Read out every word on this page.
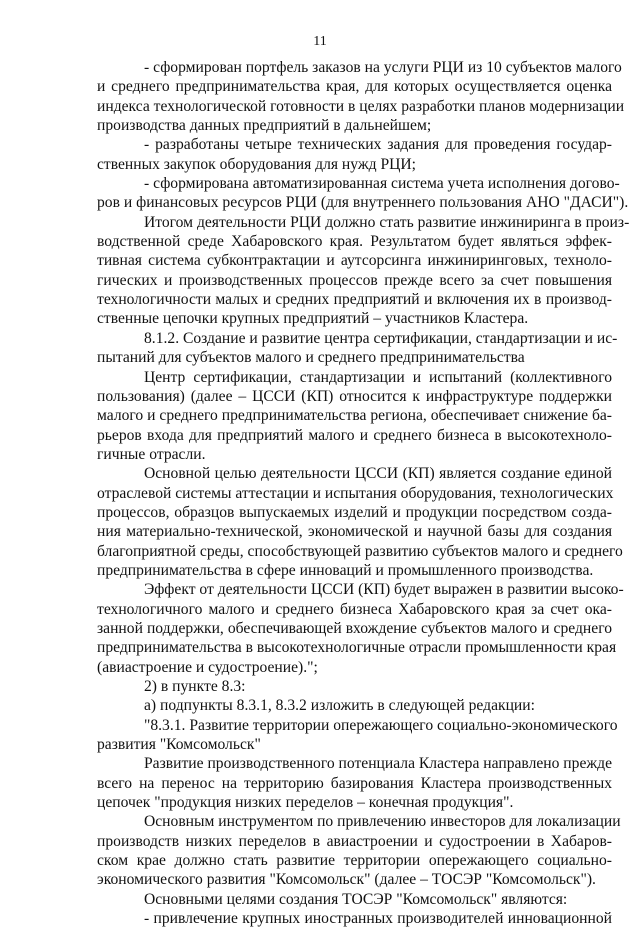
11
- сформирован портфель заказов на услуги РЦИ из 10 субъектов малого
и среднего предпринимательства края, для которых осуществляется оценка
индекса технологической готовности в целях разработки планов модернизации
производства данных предприятий в дальнейшем;
- разработаны четыре технических задания для проведения государ-
ственных закупок оборудования для нужд РЦИ;
- сформирована автоматизированная система учета исполнения догово-
ров и финансовых ресурсов РЦИ (для внутреннего пользования АНО "ДАСИ").
Итогом деятельности РЦИ должно стать развитие инжиниринга в произ-
водственной среде Хабаровского края. Результатом будет являться эффек-
тивная система субконтрактации и аутсорсинга инжиниринговых, техноло-
гических и производственных процессов прежде всего за счет повышения
технологичности малых и средних предприятий и включения их в производ-
ственные цепочки крупных предприятий – участников Кластера.
8.1.2. Создание и развитие центра сертификации, стандартизации и ис-
пытаний для субъектов малого и среднего предпринимательства
Центр сертификации, стандартизации и испытаний (коллективного
пользования) (далее – ЦССИ (КП) относится к инфраструктуре поддержки
малого и среднего предпринимательства региона, обеспечивает снижение ба-
рьеров входа для предприятий малого и среднего бизнеса в высокотехноло-
гичные отрасли.
Основной целью деятельности ЦССИ (КП) является создание единой
отраслевой системы аттестации и испытания оборудования, технологических
процессов, образцов выпускаемых изделий и продукции посредством созда-
ния материально-технической, экономической и научной базы для создания
благоприятной среды, способствующей развитию субъектов малого и среднего
предпринимательства в сфере инноваций и промышленного производства.
Эффект от деятельности ЦССИ (КП) будет выражен в развитии высоко-
технологичного малого и среднего бизнеса Хабаровского края за счет ока-
занной поддержки, обеспечивающей вхождение субъектов малого и среднего
предпринимательства в высокотехнологичные отрасли промышленности края
(авиастроение и судостроение).";
2) в пункте 8.3:
а) подпункты 8.3.1, 8.3.2 изложить в следующей редакции:
"8.3.1. Развитие территории опережающего социально-экономического
развития "Комсомольск"
Развитие производственного потенциала Кластера направлено прежде
всего на перенос на территорию базирования Кластера производственных
цепочек "продукция низких переделов – конечная продукция".
Основным инструментом по привлечению инвесторов для локализации
производств низких переделов в авиастроении и судостроении в Хабаров-
ском крае должно стать развитие территории опережающего социально-
экономического развития "Комсомольск" (далее – ТОСЭР "Комсомольск").
Основными целями создания ТОСЭР "Комсомольск" являются:
- привлечение крупных иностранных производителей инновационной
